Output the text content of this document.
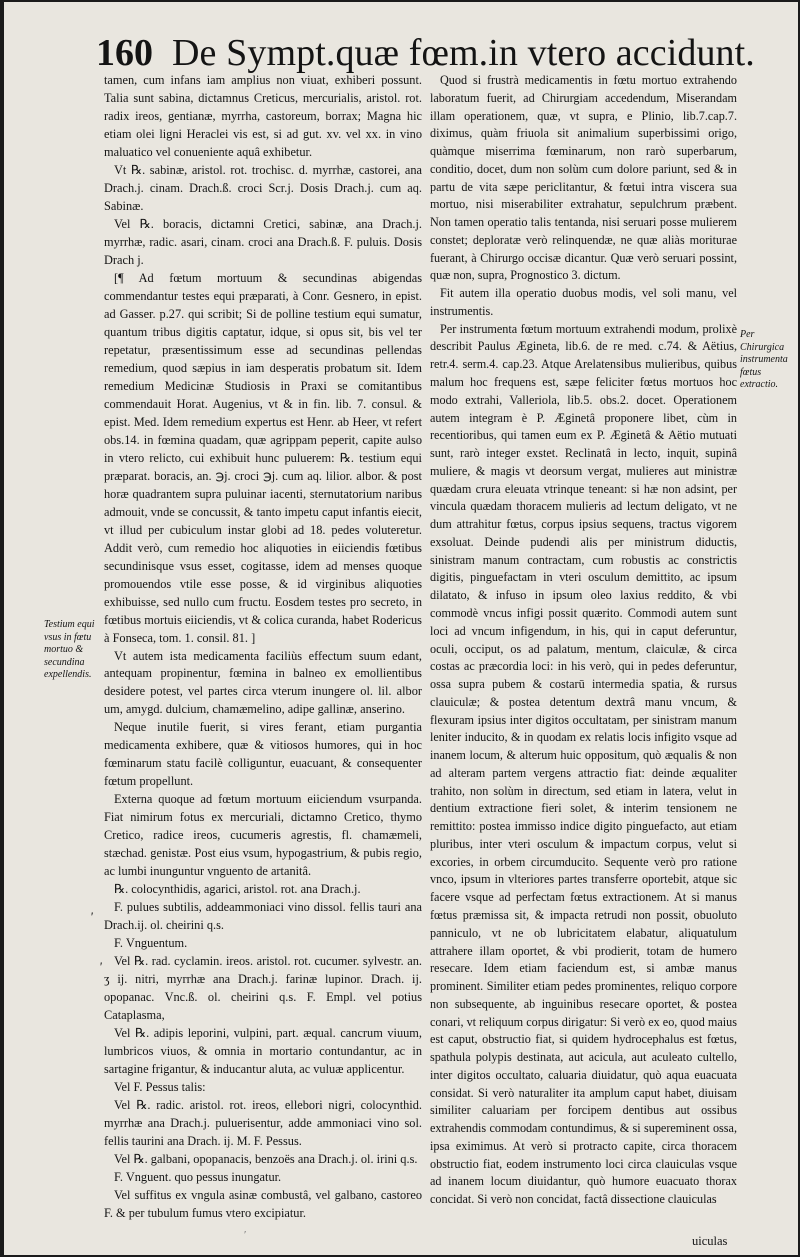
160 De Sympt.quæ fœm.in vtero accidunt.

tamen, cum infans iam amplius non viuat, exhiberi possunt. Talia sunt sabina, dictamnus Creticus, mercurialis, aristol. rot. radix ireos, gentianæ, myrrha, castoreum, borrax; Magna hic etiam olei ligni Heraclei vis est, si ad gut. xv. vel xx. in vino maluatico vel conueniente aquâ exhibetur.

Vt ℞. sabinæ, aristol. rot. trochisc. d. myrrhæ, castorei, ana Drach.j. cinam. Drach.ß. croci Scr.j. Dosis Drach.j. cum aq. Sabinæ.

Vel ℞. boracis, dictamni Cretici, sabinæ, ana Drach.j. myrrhæ, radic. asari, cinam. croci ana Drach.ß. F. puluis. Dosis Drach j.

[¶ Ad fœtum mortuum & secundinas abigendas commendantur testes equi præparati, à Conr. Gesnero, in epist. ad Gasser. p.27. qui scribit; Si de polline testium equi sumatur, quantum tribus digitis captatur, idque, si opus sit, bis vel ter repetatur, præsentissimum esse ad secundinas pellendas remedium, quod sæpius in iam desperatis probatum sit. Idem remedium Medicinæ Studiosis in Praxi se comitantibus commendauit Horat. Augenius, vt & in fin. lib. 7. consul. & epist. Med. Idem remedium expertus est Henr. ab Heer, vt refert obs.14. in fœmina quadam, quæ agrippam peperit, capite aulso in vtero relicto, cui exhibuit hunc puluerem: ℞. testium equi præparat. boracis, an. ℈j. croci ℈j. cum aq. lilior. albor. & post horæ quadrantem supra puluinar iacenti, sternutatorium naribus admouit, vnde se concussit, & tanto impetu caput infantis eiecit, vt illud per cubiculum instar globi ad 18. pedes voluteretur. Addit verò, cum remedio hoc aliquoties in eiiciendis fœtibus secundinisque vsus esset, cogitasse, idem ad menses quoque promouendos vtile esse posse, & id virginibus aliquoties exhibuisse, sed nullo cum fructu. Eosdem testes pro secreto, in fœtibus mortuis eiiciendis, vt & colica curanda, habet Rodericus à Fonseca, tom. 1. consil. 81. ]

Vt autem ista medicamenta faciliùs effectum suum edant, antequam propinentur, fœmina in balneo ex emollientibus desidere potest, vel partes circa vterum inungere ol. lil. albor um, amygd. dulcium, chamæmelino, adipe gallinæ, anserino.

Neque inutile fuerit, si vires ferant, etiam purgantia medicamenta exhibere, quæ & vitiosos humores, qui in hoc fœminarum statu facilè colliguntur, euacuant, & consequenter fœtum propellunt.

Externa quoque ad fœtum mortuum eiiciendum vsurpanda. Fiat nimirum fotus ex mercuriali, dictamno Cretico, thymo Cretico, radice ireos, cucumeris agrestis, fl. chamæmeli, stæchad. genistæ. Post eius vsum, hypogastrium, & pubis regio, ac lumbi inunguntur vnguento de artanitâ.

℞. colocynthidis, agarici, aristol. rot. ana Drach.j.

F. pulues subtilis, addeammoniaci vino dissol. fellis tauri ana Drach.ij. ol. cheirini q.s.

F. Vnguentum.

Vel ℞. rad. cyclamin. ireos. aristol. rot. cucumer. sylvestr. an. ʒ ij. nitri, myrrhæ ana Drach.j. farinæ lupinor. Drach. ij. opopanac. Vnc.ß. ol. cheirini q.s. F. Empl. vel potius Cataplasma,

Vel ℞. adipis leporini, vulpini, part. æqual. cancrum viuum, lumbricos viuos, & omnia in mortario contundantur, ac in sartagine frigantur, & inducantur aluta, ac vuluæ applicentur.

Vel F. Pessus talis:

Vel ℞. radic. aristol. rot. ireos, ellebori nigri, colocynthid. myrrhæ ana Drach.j. puluerisentur, adde ammoniaci vino sol. fellis taurini ana Drach. ij. M. F. Pessus.

Vel ℞. galbani, opopanacis, benzoës ana Drach.j. ol. irini q.s.

F. Vnguent. quo pessus inungatur.

Vel suffitus ex vngula asinæ combustâ, vel galbano, castoreo F. & per tubulum fumus vtero excipiatur.

Quod si frustrà medicamentis in fœtu mortuo extrahendo laboratum fuerit, ad Chirurgiam accedendum, Miserandam illam operationem, quæ, vt supra, e Plinio, lib.7.cap.7. diximus, quàm friuola sit animalium superbissimi origo, quàmque miserrima fœminarum, non rarò superbarum, conditio, docet, dum non solùm cum dolore pariunt, sed & in partu de vita sæpe periclitantur, & fœtui intra viscera sua mortuo, nisi miserabiliter extrahatur, sepulchrum præbent. Non tamen operatio talis tentanda, nisi seruari posse mulierem constet; deploratæ verò relinquendæ, ne quæ aliàs moriturae fuerant, à Chirurgo occisæ dicantur. Quæ verò seruari possint, quæ non, supra, Prognostico 3. dictum.

Fit autem illa operatio duobus modis, vel soli manu, vel instrumentis.

Per instrumenta fœtum mortuum extrahendi modum, prolixè describit Paulus Æginetа, lib.6. de re med. c.74. & Aëtius, retr.4. serm.4. cap.23. Atque Arelatensibus mulieribus, quibus malum hoc frequens est, sæpe feliciter fœtus mortuos hoc modo extrahi, Valleriola, lib.5. obs.2. docet. Operationem autem integram è P. Æginetâ proponere libet, cùm in recentioribus, qui tamen eum ex P. Æginetâ & Aëtio mutuati sunt, rarò integer exstet. Reclinatâ in lecto, inquit, supinâ muliere, & magis vt deorsum vergat, mulieres aut ministræ quædam crura eleuata vtrinque teneant: si hæ non adsint, per vincula quædam thoracem mulieris ad lectum deligato, vt ne dum attrahitur fœtus, corpus ipsius sequens, tractus vigorem exsoluat. Deinde pudendi alis per ministrum diductis, sinistram manum contractam, cum robustis ac constrictis digitis, pinguefactam in vteri osculum demittito, ac ipsum dilatato, & infuso in ipsum oleo laxius reddito, & vbi commodè vncus infigi possit quærito. Commodi autem sunt loci ad vncum infigendum, in his, qui in caput deferuntur, oculi, occiput, os ad palatum, mentum, claiculæ, & circa costas ac præcordia loci: in his verò, qui in pedes deferuntur, ossa supra pubem & costarū intermedia spatia, & rursus clauiculæ; & postea detentum dextrâ manu vncum, & flexuram ipsius inter digitos occultatam, per sinistram manum leniter inducito, & in quodam ex relatis locis infigito vsque ad inanem locum, & alterum huic oppositum, quò æqualis & non ad alteram partem vergens attractio fiat: deinde æqualiter trahito, non solùm in directum, sed etiam in latera, velut in dentium extractione fieri solet, & interim tensionem ne remittito: postea immisso indice digito pinguefacto, aut etiam pluribus, inter vteri osculum & impactum corpus, velut si excories, in orbem circumducito. Sequente verò pro ratione vnco, ipsum in vlteriores partes transferre oportebit, atque sic facere vsque ad perfectam fœtus extractionem. At si manus fœtus præmissa sit, & impacta retrudi non possit, obuoluto panniculo, vt ne ob lubricitatem elabatur, aliquatulum attrahere illam oportet, & vbi prodierit, totam de humero resecare. Idem etiam faciendum est, si ambæ manus prominent. Similiter etiam pedes prominentes, reliquo corpore non subsequente, ab inguinibus resecare oportet, & postea conari, vt reliquum corpus dirigatur: Si verò ex eo, quod maius est caput, obstructio fiat, si quidem hydrocephalus est fœtus, spathula polypis destinata, aut acicula, aut aculeato cultello, inter digitos occultato, caluaria diuidatur, quò aqua euacuata considat. Si verò naturaliter ita amplum caput habet, diuisam similiter caluariam per forcipem dentibus aut ossibus extrahendis commodam contundimus, & si supereminent ossa, ipsa eximimus. At verò si protracto capite, circa thoracem obstructio fiat, eodem instrumento loci circa clauiculas vsque ad inanem locum diuidantur, quò humore euacuato thorax concidat. Si verò non concidat, factâ dissectione clauiculas

Testium equi vsus in fœtu mortuo & secundina expellendis.
Per Chirurgica instrumenta fœtus extractio.
ʹ
ʹ
ʹ	uiculas
